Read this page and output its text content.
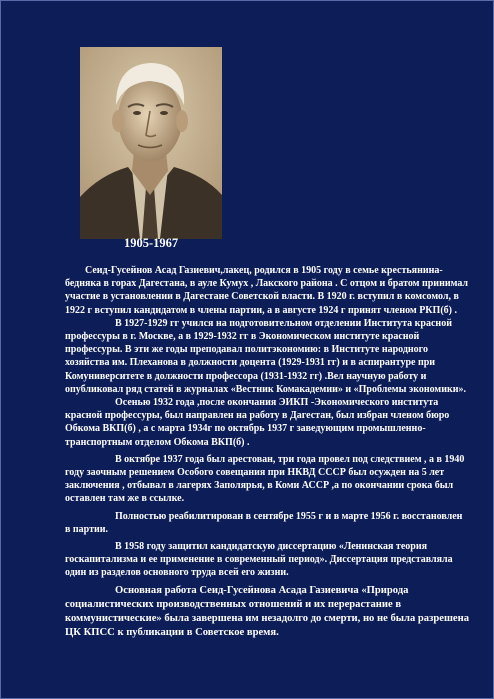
1905-1967

Сеид-Гусейнов Асад Газиевич,лакец, родился в 1905 году в семье крестьянина-бедняка в горах Дагестана, в ауле Кумух , Лакского района . С отцом и братом принимал участие в установлении в Дагестане Советской власти. В 1920 г. вступил в комсомол, в 1922 г вступил кандидатом в члены партии, а в августе 1924 г принят членом РКП(б) .

В 1927-1929 гг учился на подготовительном отделении Института красной профессуры в г. Москве, а в 1929-1932 гг в Экономическом институте красной профессуры. В эти же годы преподавал политэкономию: в Институте народного хозяйства им. Плеханова в должности доцента (1929-1931 гг) и в аспирантуре при Комуниверситете в должности профессора (1931-1932 гг) .Вел научную работу и опубликовал ряд статей в журналах «Вестник Комакадемии» и «Проблемы экономики».

Осенью 1932 года ,после окончания ЭИКП -Экономического института красной профессуры, был направлен на работу в Дагестан, был избран членом бюро Обкома ВКП(б) , а с марта 1934г по октябрь 1937 г заведующим промышленно-транспортным отделом Обкома ВКП(б) .

В октябре 1937 года был арестован, три года провел под следствием , а в 1940 году заочным решением Особого совещания при НКВД СССР был осужден на 5 лет заключения , отбывал в лагерях Заполярья, в Коми АССР ,а по окончании срока был оставлен там же в ссылке.

Полностью реабилитирован в сентябре 1955 г и в марте 1956 г. восстановлен в партии.

В 1958 году защитил кандидатскую диссертацию «Ленинская теория госкапитализма и ее применение в современный период». Диссертация представляла один из разделов основного труда всей его жизни.

Основная работа Сеид-Гусейнова Асада Газиевича «Природа социалистических производственных отношений и их перерастание в коммунистические» была завершена им незадолго до смерти, но не была разрешена ЦК КПСС к публикации в Советское время.
